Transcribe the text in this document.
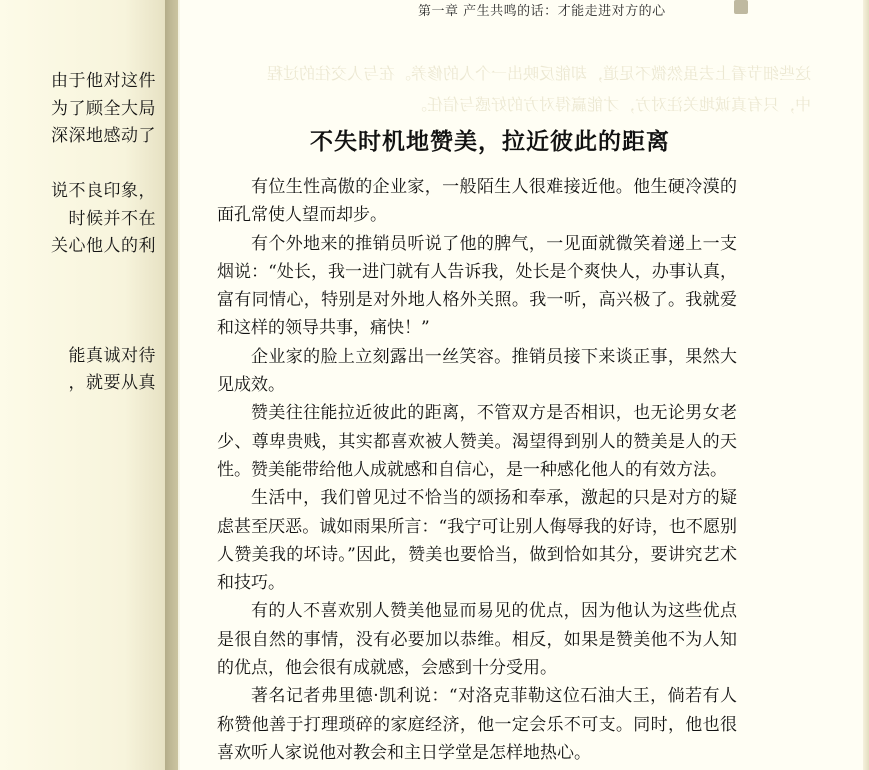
由于他对这件
为了顾全大局
深深地感动了
说不良印象，
时候并不在
关心他人的利
能真诚对待
，就要从真
这些细节看上去虽然微不足道，却能反映出一个人的修养。在与人交往的过程中，只有真诚地关注对方，才能赢得对方的好感与信任。
第一章 产生共鸣的话：才能走进对方的心
不失时机地赞美，拉近彼此的距离

有位生性高傲的企业家，一般陌生人很难接近他。他生硬冷漠的面孔常使人望而却步。

有个外地来的推销员听说了他的脾气，一见面就微笑着递上一支烟说：“处长，我一进门就有人告诉我，处长是个爽快人，办事认真，富有同情心，特别是对外地人格外关照。我一听，高兴极了。我就爱和这样的领导共事，痛快！”

企业家的脸上立刻露出一丝笑容。推销员接下来谈正事，果然大见成效。

赞美往往能拉近彼此的距离，不管双方是否相识，也无论男女老少、尊卑贵贱，其实都喜欢被人赞美。渴望得到别人的赞美是人的天性。赞美能带给他人成就感和自信心，是一种感化他人的有效方法。

生活中，我们曾见过不恰当的颂扬和奉承，激起的只是对方的疑虑甚至厌恶。诚如雨果所言：“我宁可让别人侮辱我的好诗，也不愿别人赞美我的坏诗。”因此，赞美也要恰当，做到恰如其分，要讲究艺术和技巧。

有的人不喜欢别人赞美他显而易见的优点，因为他认为这些优点是很自然的事情，没有必要加以恭维。相反，如果是赞美他不为人知的优点，他会很有成就感，会感到十分受用。

著名记者弗里德·凯利说：“对洛克菲勒这位石油大王，倘若有人称赞他善于打理琐碎的家庭经济，他一定会乐不可支。同时，他也很喜欢听人家说他对教会和主日学堂是怎样地热心。
